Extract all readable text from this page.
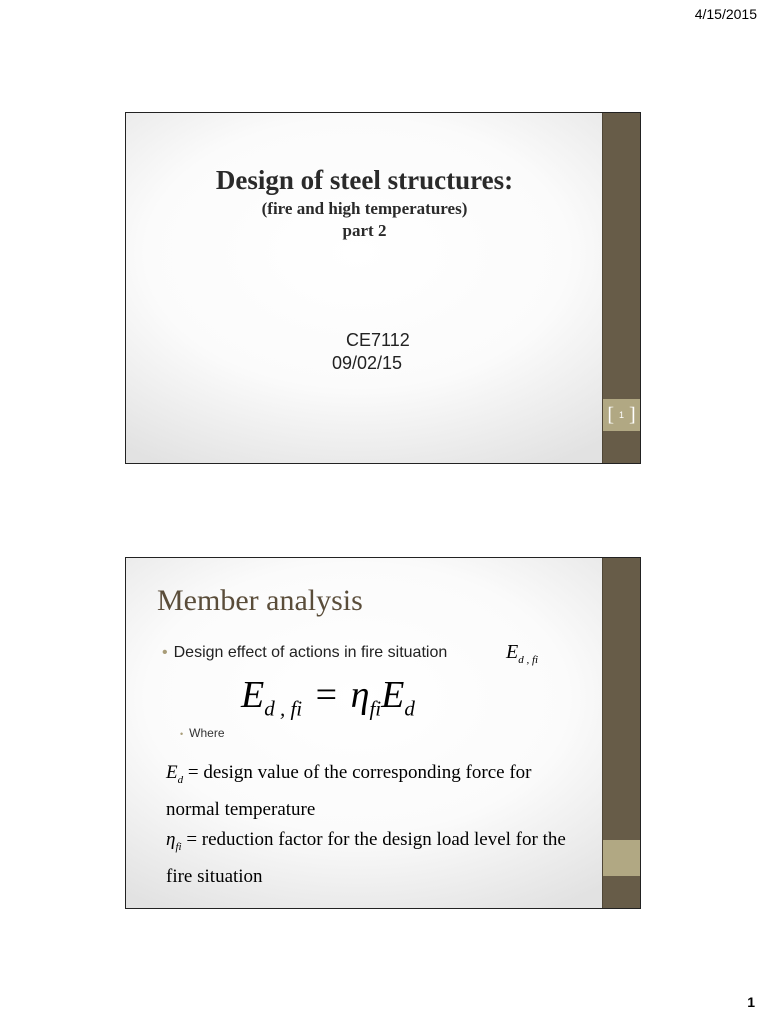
4/15/2015
Design of steel structures:
(fire and high temperatures)
part 2
CE7112
09/02/15
[ 1 ]
Member analysis
• Design effect of actions in fire situation	$E_{d , fi}$
$E_{d , fi} = \eta_{fi}E_d$
• Where
$E_d$ = design value of the corresponding force for normal temperature
$\eta_{fi}$ = reduction factor for the design load level for the fire situation
1
